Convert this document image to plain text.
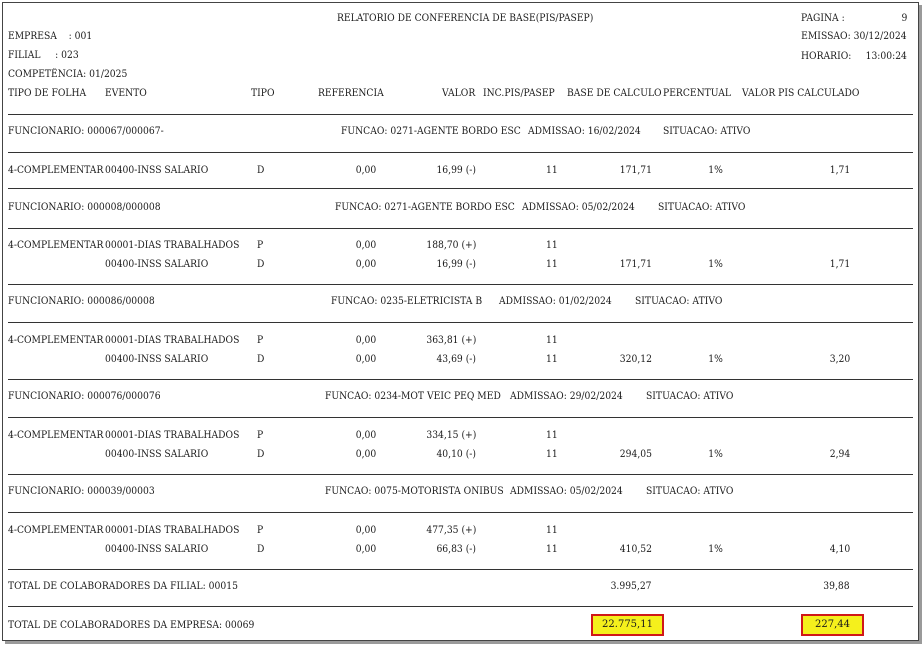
RELATORIO DE CONFERENCIA DE BASE(PIS/PASEP)
EMPRESA    : 001
FILIAL     : 023
COMPETÊNCIA: 01/2025
PAGINA :	9
EMISSAO: 30/12/2024
HORARIO: 13:00:24
TIPO DE FOLHA EVENTO	TIPO	REFERENCIA	VALOR INC.PIS/PASEP BASE DE CALCULO PERCENTUAL VALOR PIS CALCULADO
FUNCIONARIO: 000067/000067-	FUNCAO: 0271-AGENTE BORDO ESC ADMISSAO: 16/02/2024 SITUACAO: ATIVO
4-COMPLEMENTAR 00400-INSS SALARIO	D	0,00	16,99 (-)	11	171,71	1%	1,71
FUNCIONARIO: 000008/000008	FUNCAO: 0271-AGENTE BORDO ESC ADMISSAO: 05/02/2024 SITUACAO: ATIVO
4-COMPLEMENTAR 00001-DIAS TRABALHADOS P	0,00	188,70 (+)	11
00400-INSS SALARIO	D	0,00	16,99 (-)	11	171,71	1%	1,71
FUNCIONARIO: 000086/00008	FUNCAO: 0235-ELETRICISTA B ADMISSAO: 01/02/2024 SITUACAO: ATIVO
4-COMPLEMENTAR 00001-DIAS TRABALHADOS P	0,00	363,81 (+)	11
00400-INSS SALARIO	D	0,00	43,69 (-)	11	320,12	1%	3,20
FUNCIONARIO: 000076/000076	FUNCAO: 0234-MOT VEIC PEQ MED ADMISSAO: 29/02/2024 SITUACAO: ATIVO
4-COMPLEMENTAR 00001-DIAS TRABALHADOS P	0,00	334,15 (+)	11
00400-INSS SALARIO	D	0,00	40,10 (-)	11	294,05	1%	2,94
FUNCIONARIO: 000039/00003	FUNCAO: 0075-MOTORISTA ONIBUS ADMISSAO: 05/02/2024 SITUACAO: ATIVO
4-COMPLEMENTAR 00001-DIAS TRABALHADOS P	0,00	477,35 (+)	11
00400-INSS SALARIO	D	0,00	66,83 (-)	11	410,52	1%	4,10
TOTAL DE COLABORADORES DA FILIAL: 00015	3.995,27	39,88
TOTAL DE COLABORADORES DA EMPRESA: 00069	22.775,11	227,44
